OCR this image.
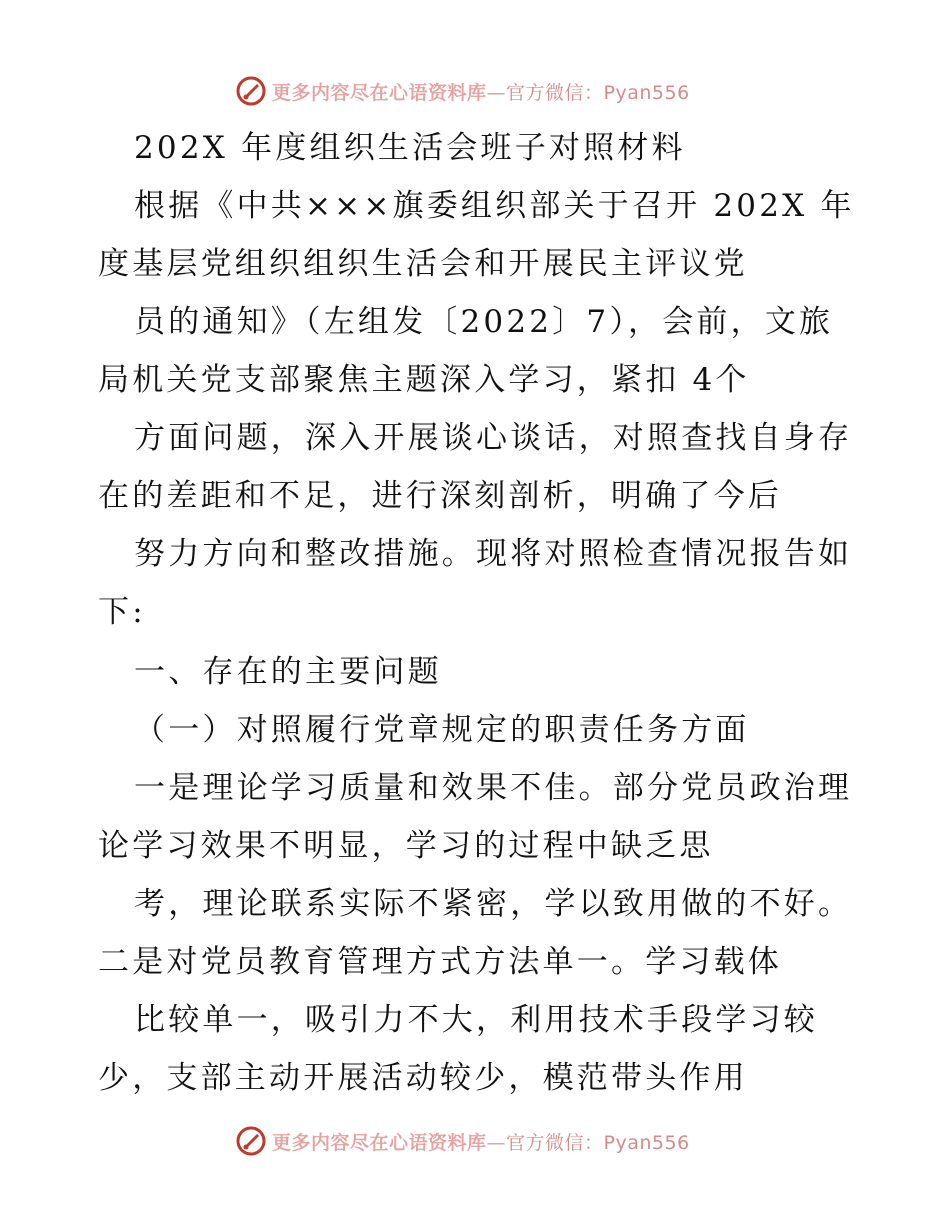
更多内容尽在心语资料库—官方微信：Pyan556
202X 年度组织生活会班子对照材料
根据《中共×××旗委组织部关于召开 202X 年
度基层党组织组织生活会和开展民主评议党
员的通知》（左组发〔2022〕7），会前，文旅
局机关党支部聚焦主题深入学习，紧扣 4个
方面问题，深入开展谈心谈话，对照查找自身存
在的差距和不足，进行深刻剖析，明确了今后
努力方向和整改措施。现将对照检查情况报告如
下:
一、存在的主要问题
（一）对照履行党章规定的职责任务方面
一是理论学习质量和效果不佳。部分党员政治理
论学习效果不明显，学习的过程中缺乏思
考，理论联系实际不紧密，学以致用做的不好。
二是对党员教育管理方式方法单一。学习载体
比较单一，吸引力不大，利用技术手段学习较
少，支部主动开展活动较少，模范带头作用
更多内容尽在心语资料库—官方微信：Pyan556
